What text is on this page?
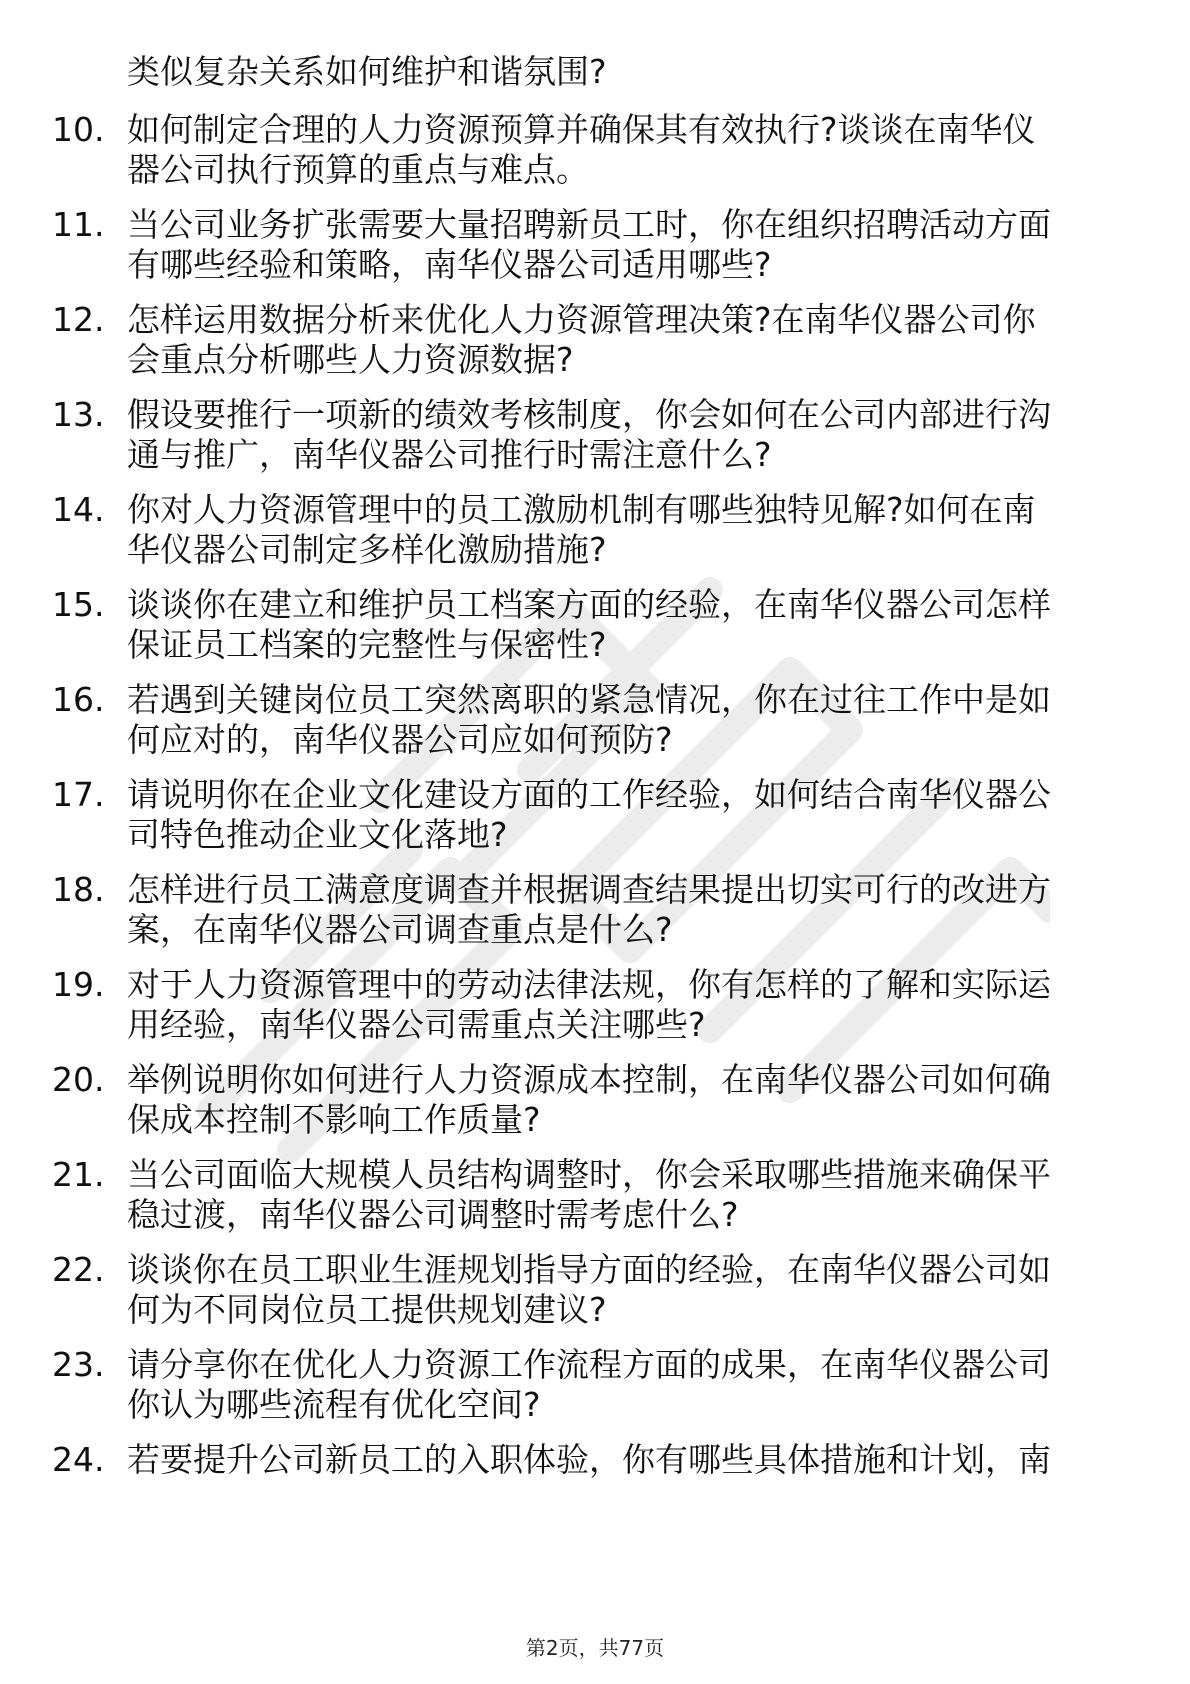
类似复杂关系如何维护和谐氛围?
10. 如何制定合理的人力资源预算并确保其有效执行?谈谈在南华仪
器公司执行预算的重点与难点。
11. 当公司业务扩张需要大量招聘新员工时，你在组织招聘活动方面
有哪些经验和策略，南华仪器公司适用哪些?
12. 怎样运用数据分析来优化人力资源管理决策?在南华仪器公司你
会重点分析哪些人力资源数据?
13. 假设要推行一项新的绩效考核制度，你会如何在公司内部进行沟
通与推广，南华仪器公司推行时需注意什么?
14. 你对人力资源管理中的员工激励机制有哪些独特见解?如何在南
华仪器公司制定多样化激励措施?
15. 谈谈你在建立和维护员工档案方面的经验，在南华仪器公司怎样
保证员工档案的完整性与保密性?
16. 若遇到关键岗位员工突然离职的紧急情况，你在过往工作中是如
何应对的，南华仪器公司应如何预防?
17. 请说明你在企业文化建设方面的工作经验，如何结合南华仪器公
司特色推动企业文化落地?
18. 怎样进行员工满意度调查并根据调查结果提出切实可行的改进方
案，在南华仪器公司调查重点是什么?
19. 对于人力资源管理中的劳动法律法规，你有怎样的了解和实际运
用经验，南华仪器公司需重点关注哪些?
20. 举例说明你如何进行人力资源成本控制，在南华仪器公司如何确
保成本控制不影响工作质量?
21. 当公司面临大规模人员结构调整时，你会采取哪些措施来确保平
稳过渡，南华仪器公司调整时需考虑什么?
22. 谈谈你在员工职业生涯规划指导方面的经验，在南华仪器公司如
何为不同岗位员工提供规划建议?
23. 请分享你在优化人力资源工作流程方面的成果，在南华仪器公司
你认为哪些流程有优化空间?
24. 若要提升公司新员工的入职体验，你有哪些具体措施和计划，南
第2页，共77页
